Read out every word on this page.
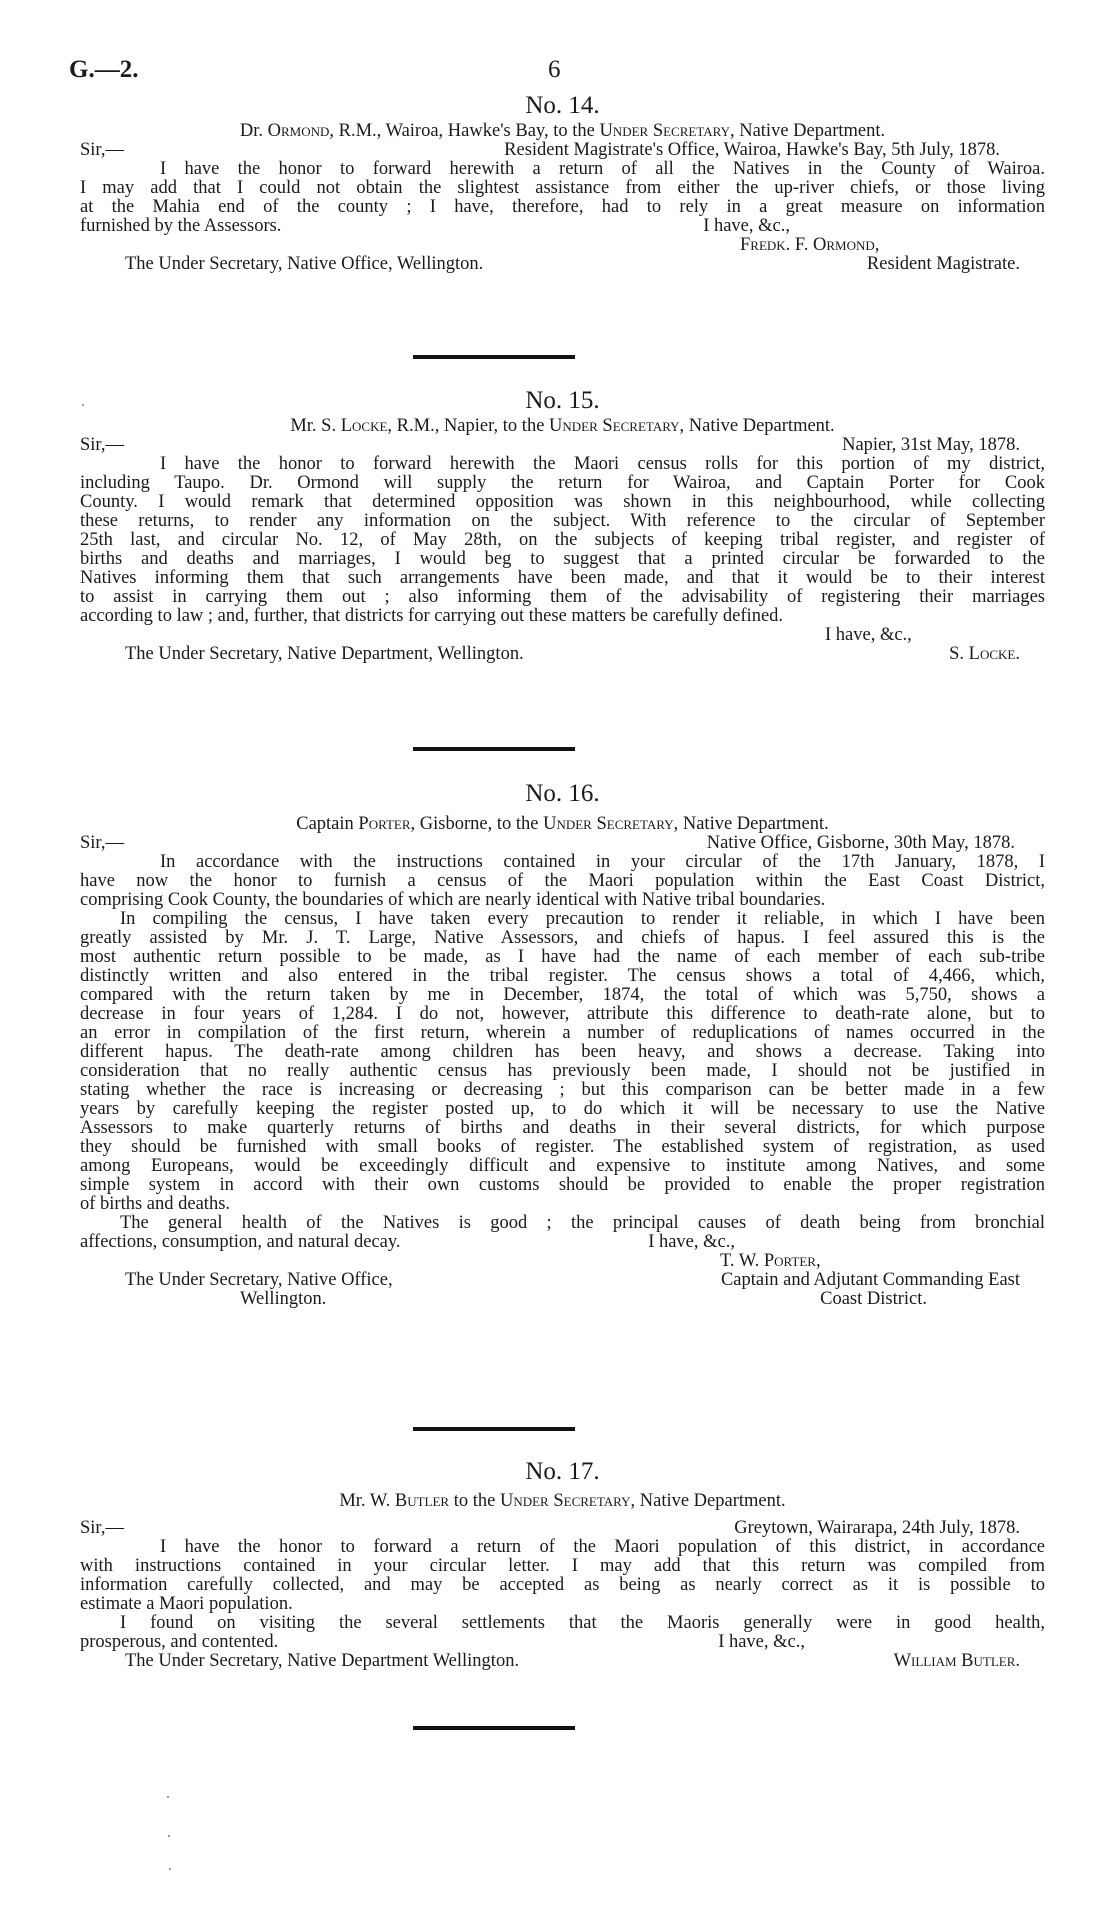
G.—2.	6
No. 14.
Dr. Ormond, R.M., Wairoa, Hawke's Bay, to the Under Secretary, Native Department.
Sir,—	Resident Magistrate's Office, Wairoa, Hawke's Bay, 5th July, 1878.
I have the honor to forward herewith a return of all the Natives in the County of Wairoa.
I may add that I could not obtain the slightest assistance from either the up-river chiefs, or those living
at the Mahia end of the county ; I have, therefore, had to rely in a great measure on information
furnished by the Assessors.	I have, &c.,
Fredk. F. Ormond,
The Under Secretary, Native Office, Wellington.	Resident Magistrate.
No. 15.
Mr. S. Locke, R.M., Napier, to the Under Secretary, Native Department.
Sir,—	Napier, 31st May, 1878.
I have the honor to forward herewith the Maori census rolls for this portion of my district,
including Taupo. Dr. Ormond will supply the return for Wairoa, and Captain Porter for Cook
County. I would remark that determined opposition was shown in this neighbourhood, while collecting
these returns, to render any information on the subject. With reference to the circular of September
25th last, and circular No. 12, of May 28th, on the subjects of keeping tribal register, and register of
births and deaths and marriages, I would beg to suggest that a printed circular be forwarded to the
Natives informing them that such arrangements have been made, and that it would be to their interest
to assist in carrying them out ; also informing them of the advisability of registering their marriages
according to law ; and, further, that districts for carrying out these matters be carefully defined.
I have, &c.,
The Under Secretary, Native Department, Wellington.	S. Locke.
No. 16.
Captain Porter, Gisborne, to the Under Secretary, Native Department.
Sir,—	Native Office, Gisborne, 30th May, 1878.
In accordance with the instructions contained in your circular of the 17th January, 1878, I
have now the honor to furnish a census of the Maori population within the East Coast District,
comprising Cook County, the boundaries of which are nearly identical with Native tribal boundaries.
In compiling the census, I have taken every precaution to render it reliable, in which I have been
greatly assisted by Mr. J. T. Large, Native Assessors, and chiefs of hapus. I feel assured this is the
most authentic return possible to be made, as I have had the name of each member of each sub-tribe
distinctly written and also entered in the tribal register. The census shows a total of 4,466, which,
compared with the return taken by me in December, 1874, the total of which was 5,750, shows a
decrease in four years of 1,284. I do not, however, attribute this difference to death-rate alone, but to
an error in compilation of the first return, wherein a number of reduplications of names occurred in the
different hapus. The death-rate among children has been heavy, and shows a decrease. Taking into
consideration that no really authentic census has previously been made, I should not be justified in
stating whether the race is increasing or decreasing ; but this comparison can be better made in a few
years by carefully keeping the register posted up, to do which it will be necessary to use the Native
Assessors to make quarterly returns of births and deaths in their several districts, for which purpose
they should be furnished with small books of register. The established system of registration, as used
among Europeans, would be exceedingly difficult and expensive to institute among Natives, and some
simple system in accord with their own customs should be provided to enable the proper registration
of births and deaths.
The general health of the Natives is good ; the principal causes of death being from bronchial
affections, consumption, and natural decay.	I have, &c.,
T. W. Porter,
The Under Secretary, Native Office,	Captain and Adjutant Commanding East
Wellington.	Coast District.
No. 17.
Mr. W. Butler to the Under Secretary, Native Department.
Sir,—	Greytown, Wairarapa, 24th July, 1878.
I have the honor to forward a return of the Maori population of this district, in accordance
with instructions contained in your circular letter. I may add that this return was compiled from
information carefully collected, and may be accepted as being as nearly correct as it is possible to
estimate a Maori population.
I found on visiting the several settlements that the Maoris generally were in good health,
prosperous, and contented.	I have, &c.,
The Under Secretary, Native Department Wellington.	William Butler.
